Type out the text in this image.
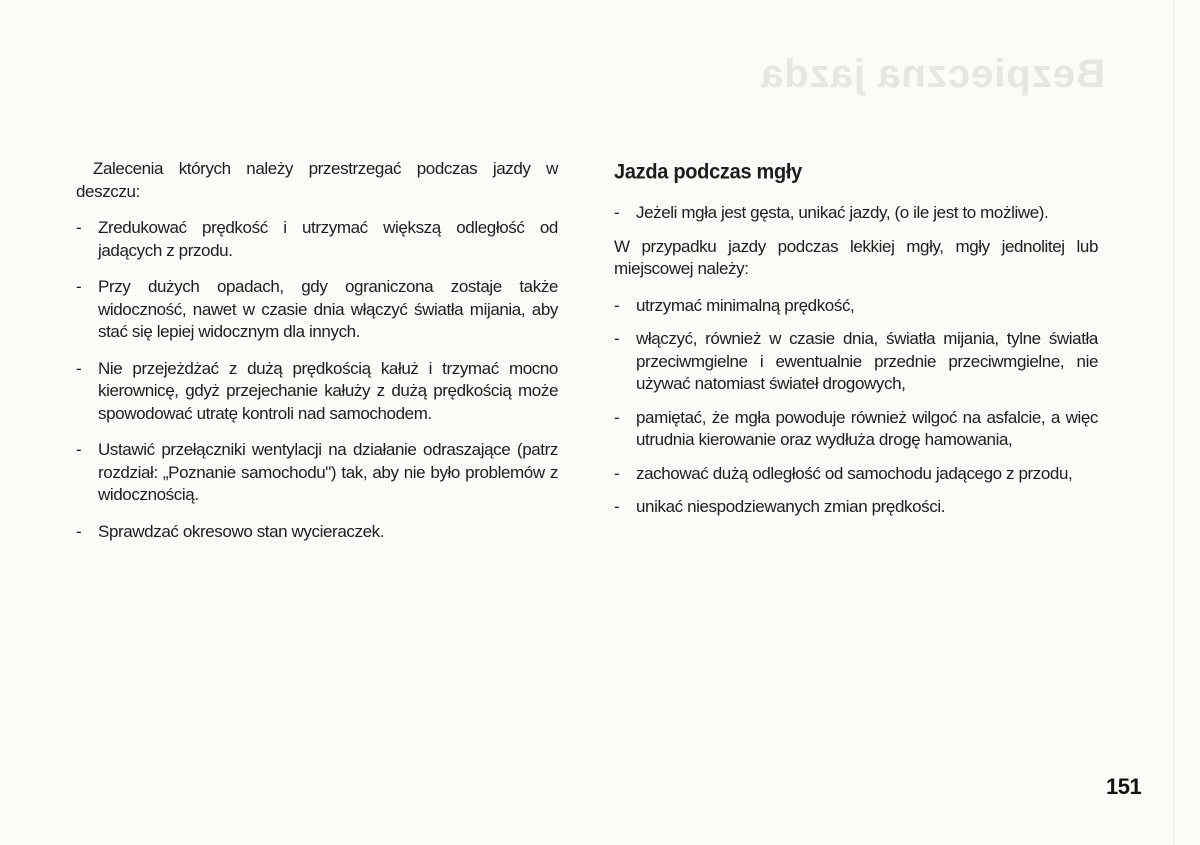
Bezpieczna jazda

Zalecenia których należy przestrzegać podczas jazdy w deszczu:

- Zredukować prędkość i utrzymać większą odległość od jadących z przodu.
- Przy dużych opadach, gdy ograniczona zostaje także widoczność, nawet w czasie dnia włączyć światła mijania, aby stać się lepiej widocznym dla innych.
- Nie przejeżdżać z dużą prędkością kałuż i trzymać mocno kierownicę, gdyż przejechanie kałuży z dużą prędkością może spowodować utratę kontroli nad samochodem.
- Ustawić przełączniki wentylacji na działanie odraszające (patrz rozdział: „Poznanie samochodu") tak, aby nie było problemów z widocznością.
- Sprawdzać okresowo stan wycieraczek.
Jazda podczas mgły
- Jeżeli mgła jest gęsta, unikać jazdy, (o ile jest to możliwe).

W przypadku jazdy podczas lekkiej mgły, mgły jednolitej lub miejscowej należy:

- utrzymać minimalną prędkość,
- włączyć, również w czasie dnia, światła mijania, tylne światła przeciwmgielne i ewentualnie przednie przeciwmgielne, nie używać natomiast świateł drogowych,
- pamiętać, że mgła powoduje również wilgoć na asfalcie, a więc utrudnia kierowanie oraz wydłuża drogę hamowania,
- zachować dużą odległość od samochodu jadącego z przodu,
- unikać niespodziewanych zmian prędkości.
151
